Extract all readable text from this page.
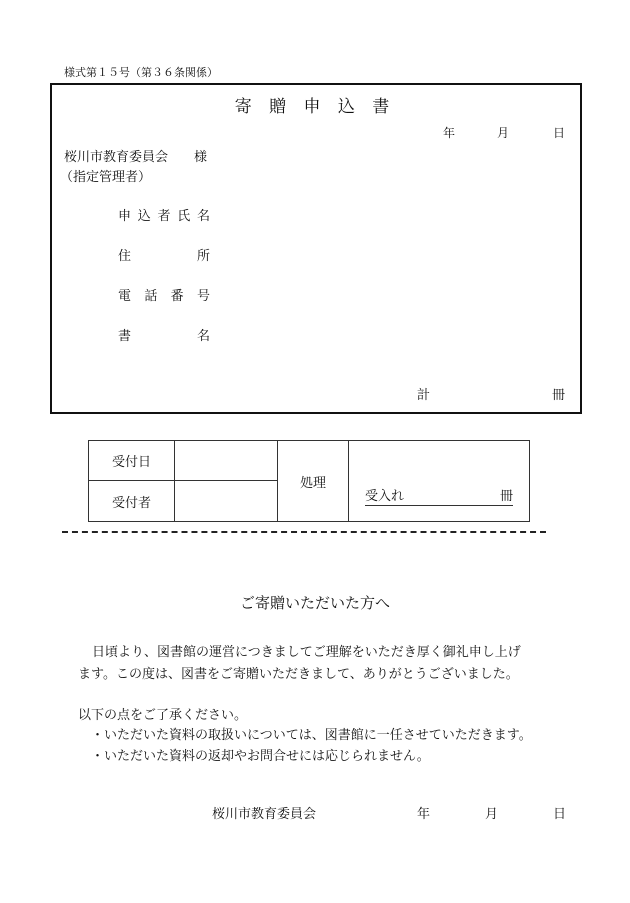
様式第１５号（第３６条関係）
寄 贈 申 込 書
年	月	日
桜川市教育委員会 様
（指定管理者）
申 込 者 氏 名
住	所
電 話 番 号
書	名
計	冊
受付日		処理	受入れ 冊

受付者			
ご寄贈いただいた方へ
日頃より、図書館の運営につきましてご理解をいただき厚く御礼申し上げ
ます。この度は、図書をご寄贈いただきまして、ありがとうございました。
以下の点をご了承ください。
・いただいた資料の取扱いについては、図書館に一任させていただきます。
・いただいた資料の返却やお問合せには応じられません。
桜川市教育委員会	年	月	日
